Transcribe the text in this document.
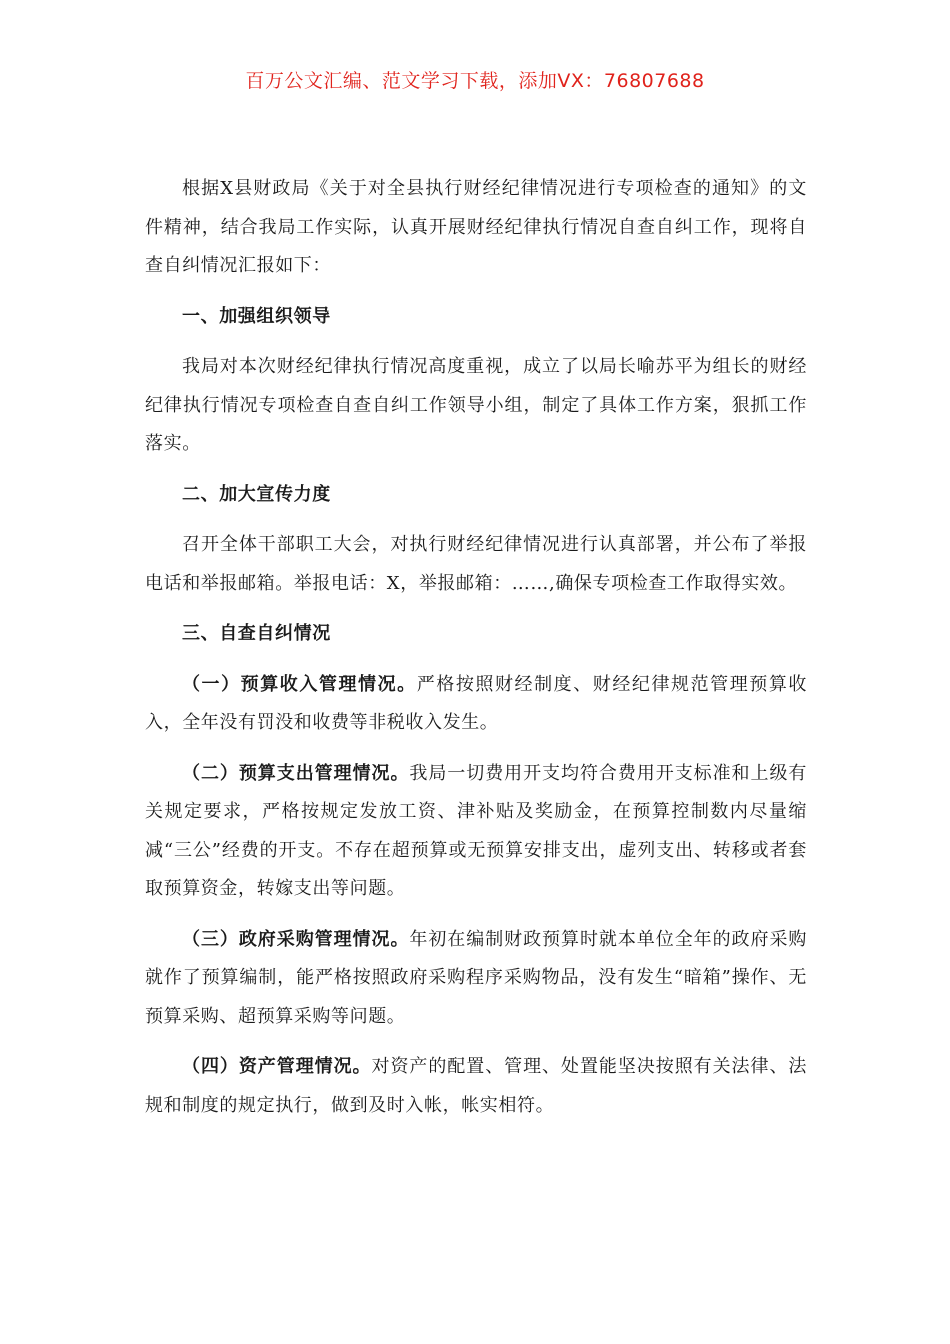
百万公文汇编、范文学习下载，添加VX：76807688

根据X县财政局《关于对全县执行财经纪律情况进行专项检查的通知》的文件精神，结合我局工作实际，认真开展财经纪律执行情况自查自纠工作，现将自查自纠情况汇报如下：

一、加强组织领导

我局对本次财经纪律执行情况高度重视，成立了以局长喻苏平为组长的财经纪律执行情况专项检查自查自纠工作领导小组，制定了具体工作方案，狠抓工作落实。

二、加大宣传力度

召开全体干部职工大会，对执行财经纪律情况进行认真部署，并公布了举报电话和举报邮箱。举报电话：X，举报邮箱：……,确保专项检查工作取得实效。

三、自查自纠情况

（一）预算收入管理情况。严格按照财经制度、财经纪律规范管理预算收入，全年没有罚没和收费等非税收入发生。

（二）预算支出管理情况。我局一切费用开支均符合费用开支标准和上级有关规定要求，严格按规定发放工资、津补贴及奖励金，在预算控制数内尽量缩减“三公”经费的开支。不存在超预算或无预算安排支出，虚列支出、转移或者套取预算资金，转嫁支出等问题。

（三）政府采购管理情况。年初在编制财政预算时就本单位全年的政府采购就作了预算编制，能严格按照政府采购程序采购物品，没有发生“暗箱”操作、无预算采购、超预算采购等问题。

（四）资产管理情况。对资产的配置、管理、处置能坚决按照有关法律、法规和制度的规定执行，做到及时入帐，帐实相符。
